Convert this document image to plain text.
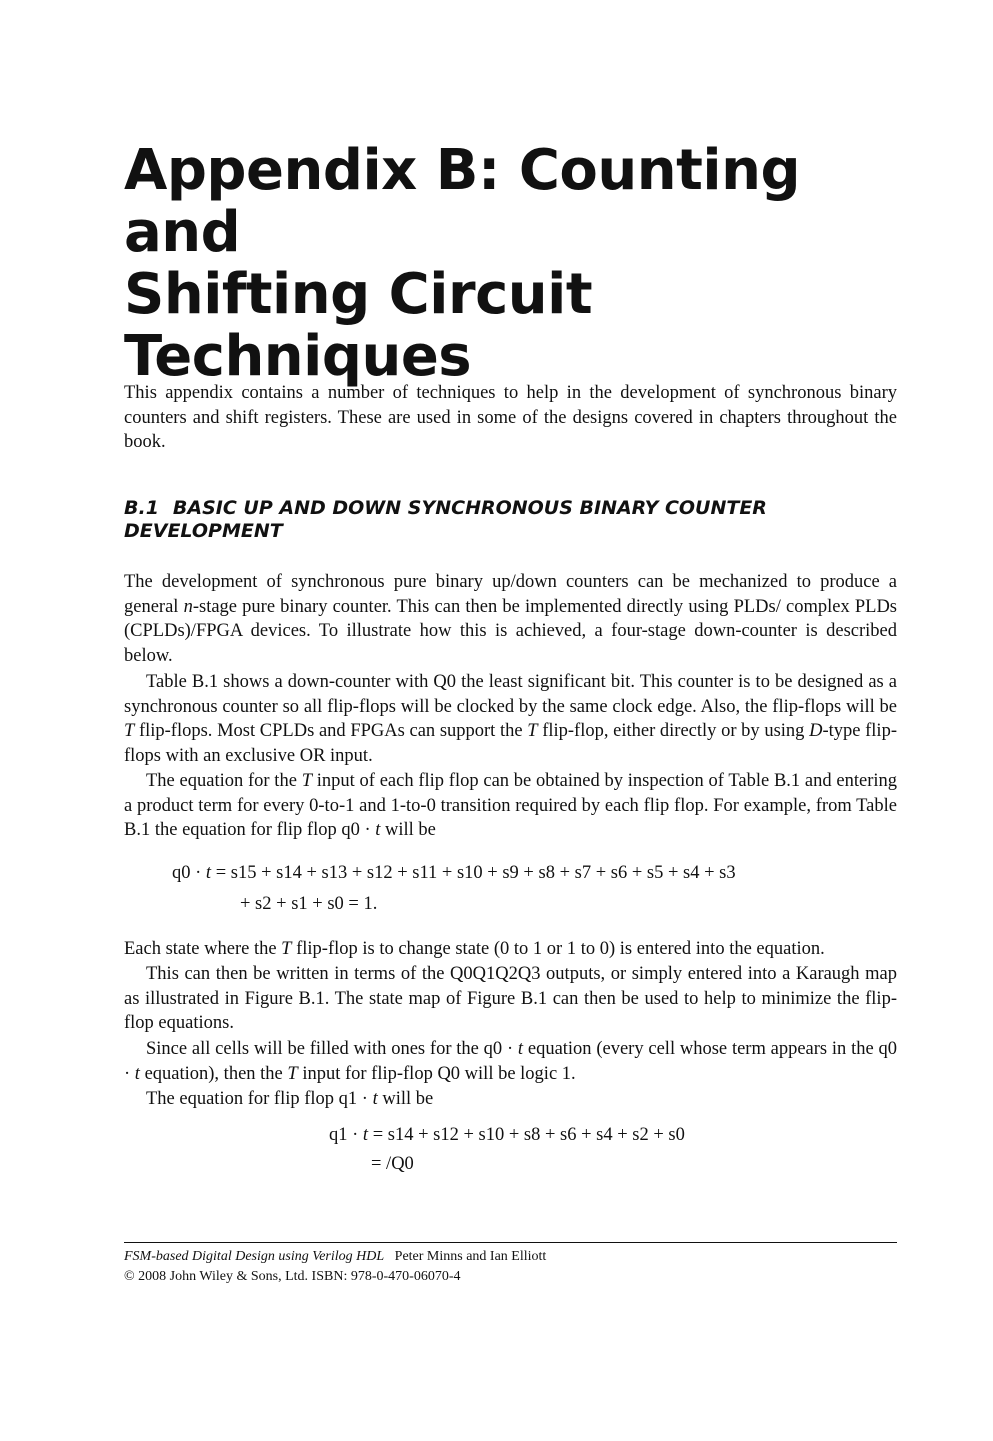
Appendix B: Counting and
Shifting Circuit Techniques

This appendix contains a number of techniques to help in the development of synchronous binary counters and shift registers. These are used in some of the designs covered in chapters throughout the book.

B.1 BASIC UP AND DOWN SYNCHRONOUS BINARY COUNTER DEVELOPMENT

The development of synchronous pure binary up/down counters can be mechanized to produce a general n-stage pure binary counter. This can then be implemented directly using PLDs/ complex PLDs (CPLDs)/FPGA devices. To illustrate how this is achieved, a four-stage down-counter is described below.

Table B.1 shows a down-counter with Q0 the least significant bit. This counter is to be designed as a synchronous counter so all flip-flops will be clocked by the same clock edge. Also, the flip-flops will be T flip-flops. Most CPLDs and FPGAs can support the T flip-flop, either directly or by using D-type flip-flops with an exclusive OR input.

The equation for the T input of each flip flop can be obtained by inspection of Table B.1 and entering a product term for every 0-to-1 and 1-to-0 transition required by each flip flop. For example, from Table B.1 the equation for flip flop q0 · t will be

q0 · t = s15 + s14 + s13 + s12 + s11 + s10 + s9 + s8 + s7 + s6 + s5 + s4 + s3
+ s2 + s1 + s0 = 1.

Each state where the T flip-flop is to change state (0 to 1 or 1 to 0) is entered into the equation.

This can then be written in terms of the Q0Q1Q2Q3 outputs, or simply entered into a Karaugh map as illustrated in Figure B.1. The state map of Figure B.1 can then be used to help to minimize the flip-flop equations.

Since all cells will be filled with ones for the q0 · t equation (every cell whose term appears in the q0 · t equation), then the T input for flip-flop Q0 will be logic 1.

The equation for flip flop q1 · t will be

q1 · t = s14 + s12 + s10 + s8 + s6 + s4 + s2 + s0
= /Q0
FSM-based Digital Design using Verilog HDL Peter Minns and Ian Elliott
© 2008 John Wiley & Sons, Ltd. ISBN: 978-0-470-06070-4
